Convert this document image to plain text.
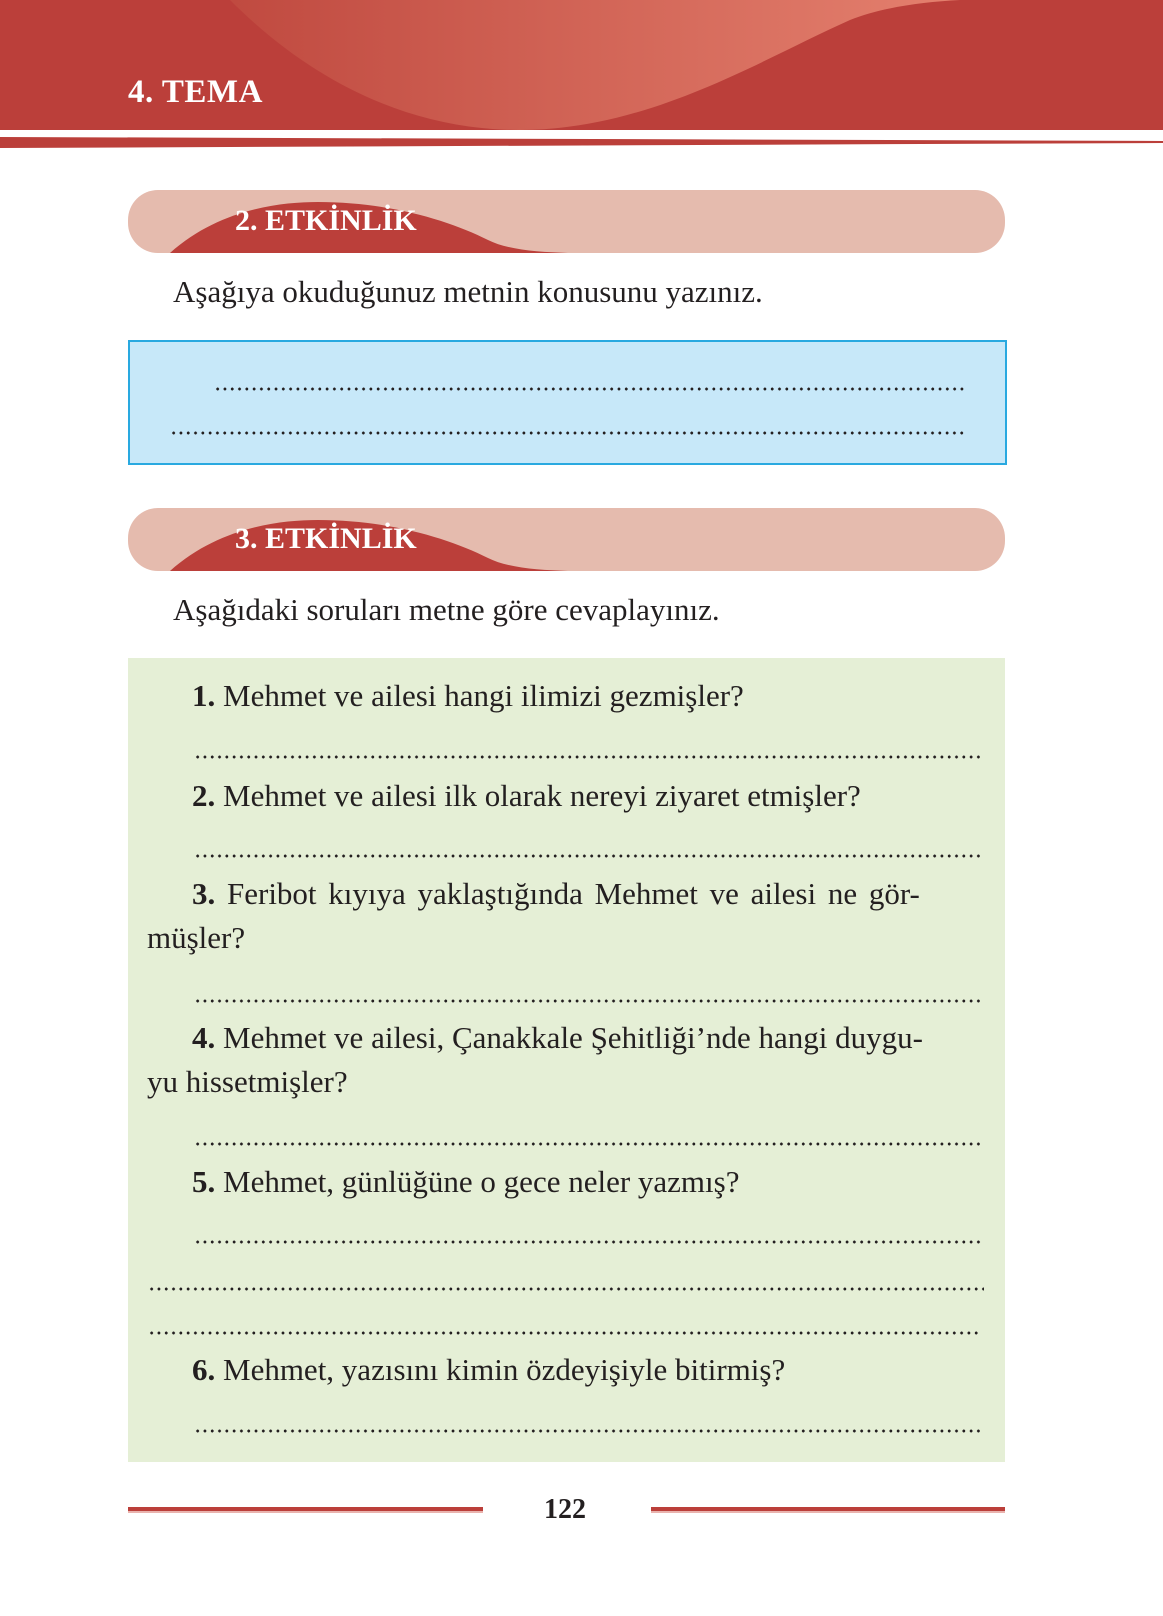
4. TEMA
2. ETKİNLİK
Aşağıya okuduğunuz metnin konusunu yazınız.
3. ETKİNLİK
Aşağıdaki soruları metne göre cevaplayınız.
1. Mehmet ve ailesi hangi ilimizi gezmişler?
2. Mehmet ve ailesi ilk olarak nereyi ziyaret etmişler?
3. Feribot kıyıya yaklaştığında Mehmet ve ailesi ne gör-
müşler?
4. Mehmet ve ailesi, Çanakkale Şehitliği’nde hangi duygu-
yu hissetmişler?
5. Mehmet, günlüğüne o gece neler yazmış?
6. Mehmet, yazısını kimin özdeyişiyle bitirmiş?
122
